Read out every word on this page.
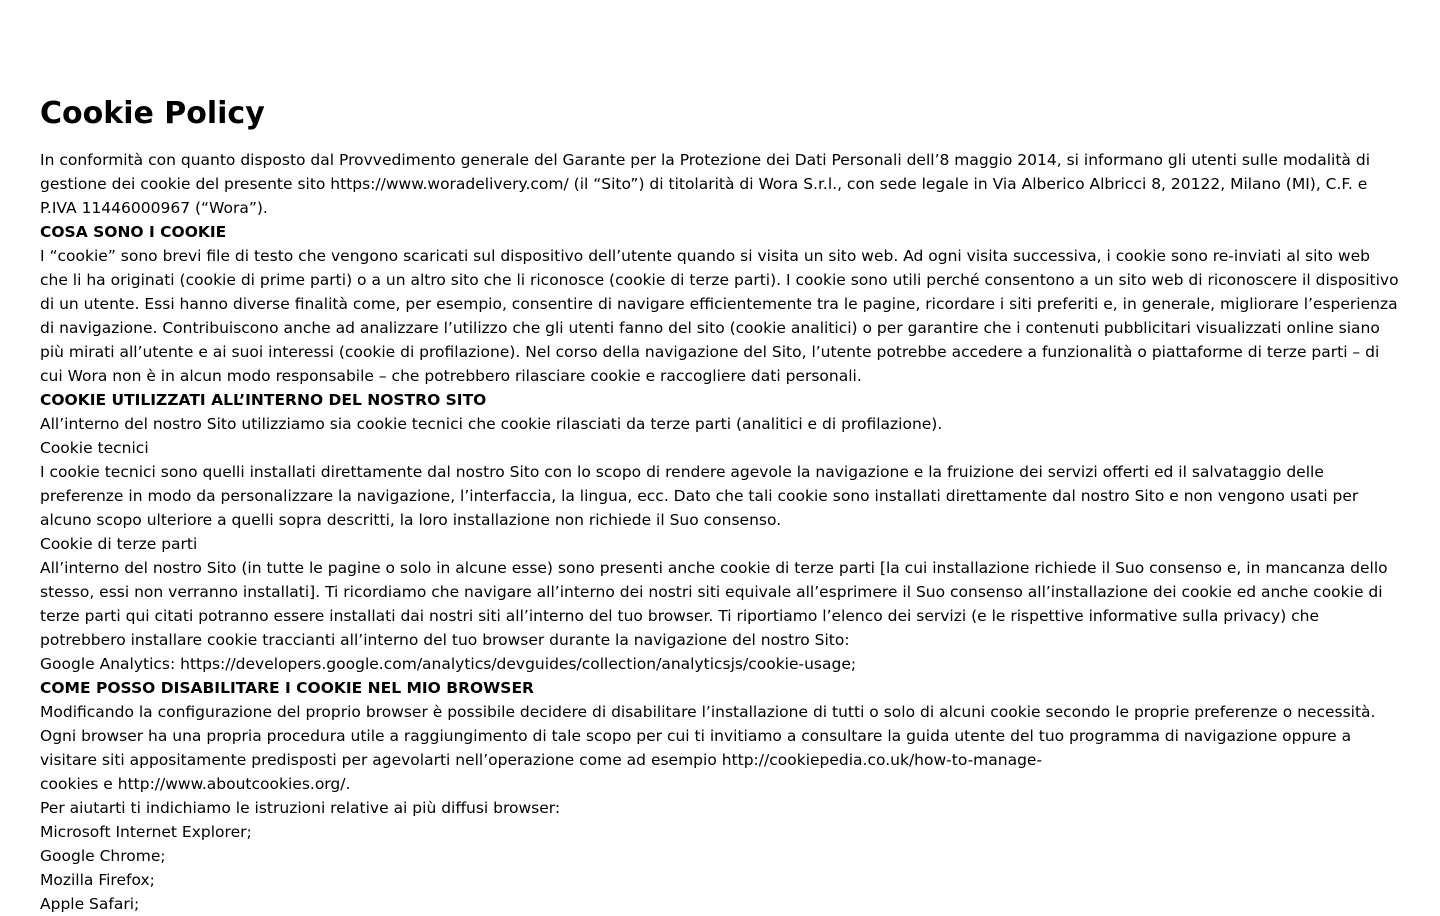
Cookie Policy

In conformità con quanto disposto dal Provvedimento generale del Garante per la Protezione dei Dati Personali dell’8 maggio 2014, si informano gli utenti sulle modalità di gestione dei cookie del presente sito https://www.woradelivery.com/ (il “Sito”) di titolarità di Wora S.r.l., con sede legale in Via Alberico Albricci 8, 20122, Milano (MI), C.F. e P.IVA 11446000967 (“Wora”).

COSA SONO I COOKIE

I “cookie” sono brevi file di testo che vengono scaricati sul dispositivo dell’utente quando si visita un sito web. Ad ogni visita successiva, i cookie sono re-inviati al sito web che li ha originati (cookie di prime parti) o a un altro sito che li riconosce (cookie di terze parti). I cookie sono utili perché consentono a un sito web di riconoscere il dispositivo di un utente. Essi hanno diverse finalità come, per esempio, consentire di navigare efficientemente tra le pagine, ricordare i siti preferiti e, in generale, migliorare l’esperienza di navigazione. Contribuiscono anche ad analizzare l’utilizzo che gli utenti fanno del sito (cookie analitici) o per garantire che i contenuti pubblicitari visualizzati online siano più mirati all’utente e ai suoi interessi (cookie di profilazione). Nel corso della navigazione del Sito, l’utente potrebbe accedere a funzionalità o piattaforme di terze parti – di cui Wora non è in alcun modo responsabile – che potrebbero rilasciare cookie e raccogliere dati personali.

COOKIE UTILIZZATI ALL’INTERNO DEL NOSTRO SITO

All’interno del nostro Sito utilizziamo sia cookie tecnici che cookie rilasciati da terze parti (analitici e di profilazione).

Cookie tecnici

I cookie tecnici sono quelli installati direttamente dal nostro Sito con lo scopo di rendere agevole la navigazione e la fruizione dei servizi offerti ed il salvataggio delle preferenze in modo da personalizzare la navigazione, l’interfaccia, la lingua, ecc. Dato che tali cookie sono installati direttamente dal nostro Sito e non vengono usati per alcuno scopo ulteriore a quelli sopra descritti, la loro installazione non richiede il Suo consenso.

Cookie di terze parti

All’interno del nostro Sito (in tutte le pagine o solo in alcune esse) sono presenti anche cookie di terze parti [la cui installazione richiede il Suo consenso e, in mancanza dello stesso, essi non verranno installati]. Ti ricordiamo che navigare all’interno dei nostri siti equivale all’esprimere il Suo consenso all’installazione dei cookie ed anche cookie di terze parti qui citati potranno essere installati dai nostri siti all’interno del tuo browser. Ti riportiamo l’elenco dei servizi (e le rispettive informative sulla privacy) che potrebbero installare cookie traccianti all’interno del tuo browser durante la navigazione del nostro Sito:

Google Analytics: https://developers.google.com/analytics/devguides/collection/analyticsjs/cookie-usage;

COME POSSO DISABILITARE I COOKIE NEL MIO BROWSER

Modificando la configurazione del proprio browser è possibile decidere di disabilitare l’installazione di tutti o solo di alcuni cookie secondo le proprie preferenze o necessità. Ogni browser ha una propria procedura utile a raggiungimento di tale scopo per cui ti invitiamo a consultare la guida utente del tuo programma di navigazione oppure a visitare siti appositamente predisposti per agevolarti nell’operazione come ad esempio http://cookiepedia.co.uk/how-to-manage-
cookies e http://www.aboutcookies.org/.

Per aiutarti ti indichiamo le istruzioni relative ai più diffusi browser:

Microsoft Internet Explorer;

Google Chrome;

Mozilla Firefox;

Apple Safari;
